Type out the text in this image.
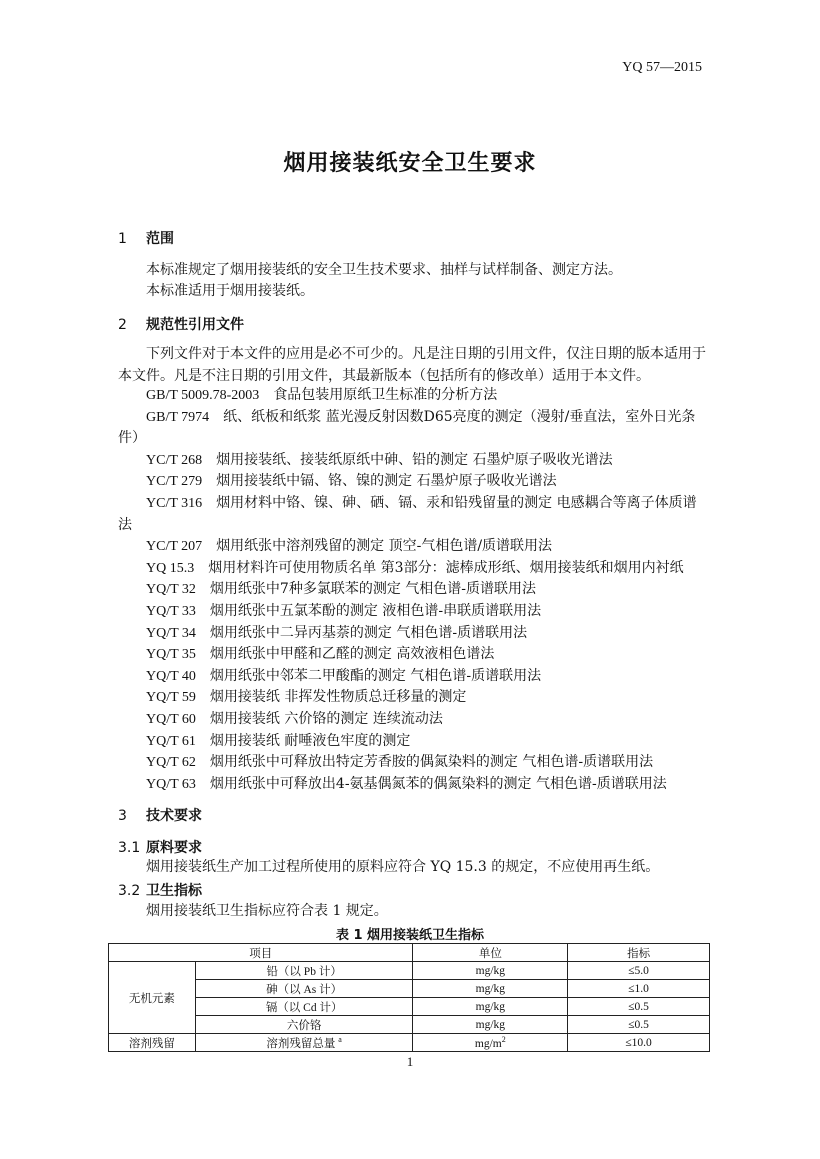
YQ 57—2015
烟用接装纸安全卫生要求
1 范围
本标准规定了烟用接装纸的安全卫生技术要求、抽样与试样制备、测定方法。
本标准适用于烟用接装纸。
2 规范性引用文件
下列文件对于本文件的应用是必不可少的。凡是注日期的引用文件，仅注日期的版本适用于本文件。凡是不注日期的引用文件，其最新版本（包括所有的修改单）适用于本文件。
GB/T 5009.78-2003  食品包装用原纸卫生标准的分析方法
GB/T 7974  纸、纸板和纸浆 蓝光漫反射因数D65亮度的测定（漫射/垂直法，室外日光条件）
YC/T 268  烟用接装纸、接装纸原纸中砷、铅的测定 石墨炉原子吸收光谱法
YC/T 279  烟用接装纸中镉、铬、镍的测定 石墨炉原子吸收光谱法
YC/T 316  烟用材料中铬、镍、砷、硒、镉、汞和铅残留量的测定 电感耦合等离子体质谱法
YC/T 207  烟用纸张中溶剂残留的测定 顶空-气相色谱/质谱联用法
YQ 15.3  烟用材料许可使用物质名单 第3部分：滤棒成形纸、烟用接装纸和烟用内衬纸
YQ/T 32  烟用纸张中7种多氯联苯的测定 气相色谱-质谱联用法
YQ/T 33  烟用纸张中五氯苯酚的测定 液相色谱-串联质谱联用法
YQ/T 34  烟用纸张中二异丙基萘的测定 气相色谱-质谱联用法
YQ/T 35  烟用纸张中甲醛和乙醛的测定 高效液相色谱法
YQ/T 40  烟用纸张中邻苯二甲酸酯的测定 气相色谱-质谱联用法
YQ/T 59  烟用接装纸 非挥发性物质总迁移量的测定
YQ/T 60  烟用接装纸 六价铬的测定 连续流动法
YQ/T 61  烟用接装纸 耐唾液色牢度的测定
YQ/T 62  烟用纸张中可释放出特定芳香胺的偶氮染料的测定 气相色谱-质谱联用法
YQ/T 63  烟用纸张中可释放出4-氨基偶氮苯的偶氮染料的测定 气相色谱-质谱联用法
3 技术要求
3.1 原料要求
烟用接装纸生产加工过程所使用的原料应符合 YQ 15.3 的规定，不应使用再生纸。
3.2 卫生指标
烟用接装纸卫生指标应符合表 1 规定。
表 1 烟用接装纸卫生指标
项目		单位	指标
无机元素	铅（以 Pb 计）	mg/kg	≤5.0
	砷（以 As 计）	mg/kg	≤1.0
	镉（以 Cd 计）	mg/kg	≤0.5
	六价铬	mg/kg	≤0.5
溶剂残留	溶剂残留总量 $^a$	$mg/m^2$	≤10.0
1
